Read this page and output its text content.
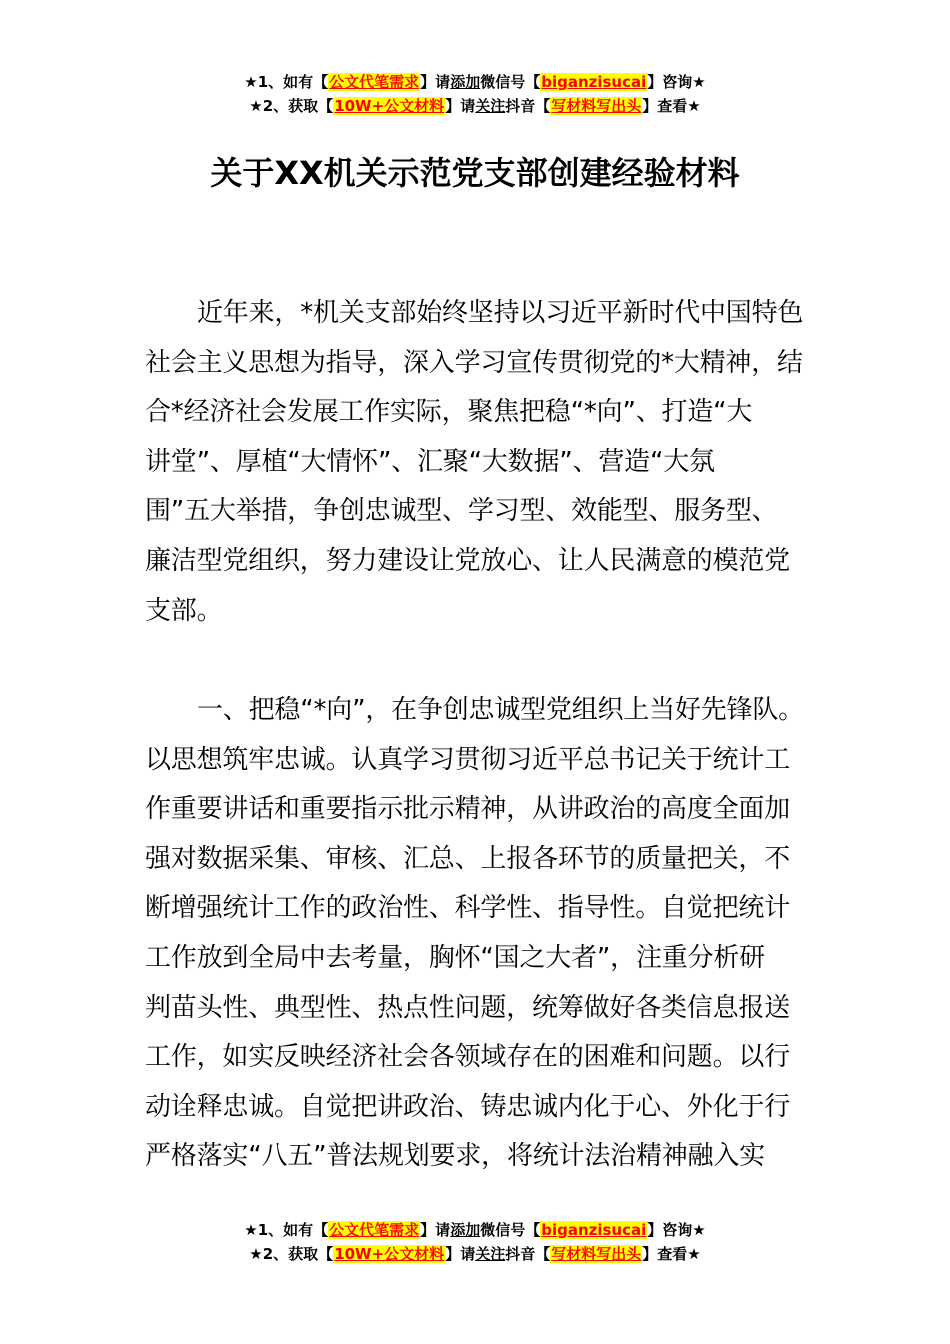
★1、如有【公文代笔需求】请添加微信号【biganzisucai】咨询★
★2、获取【10W+公文材料】请关注抖音【写材料写出头】查看★
关于XX机关示范党支部创建经验材料
近年来，*机关支部始终坚持以习近平新时代中国特色
社会主义思想为指导，深入学习宣传贯彻党的*大精神，结
合*经济社会发展工作实际，聚焦把稳“*向”、打造“大
讲堂”、厚植“大情怀”、汇聚“大数据”、营造“大氛
围”五大举措，争创忠诚型、学习型、效能型、服务型、
廉洁型党组织，努力建设让党放心、让人民满意的模范党
支部。
一、把稳“*向”，在争创忠诚型党组织上当好先锋队。
以思想筑牢忠诚。认真学习贯彻习近平总书记关于统计工
作重要讲话和重要指示批示精神，从讲政治的高度全面加
强对数据采集、审核、汇总、上报各环节的质量把关，不
断增强统计工作的政治性、科学性、指导性。自觉把统计
工作放到全局中去考量，胸怀“国之大者”，注重分析研
判苗头性、典型性、热点性问题，统筹做好各类信息报送
工作，如实反映经济社会各领域存在的困难和问题。以行
动诠释忠诚。自觉把讲政治、铸忠诚内化于心、外化于行
严格落实“八五”普法规划要求，将统计法治精神融入实
★1、如有【公文代笔需求】请添加微信号【biganzisucai】咨询★
★2、获取【10W+公文材料】请关注抖音【写材料写出头】查看★
